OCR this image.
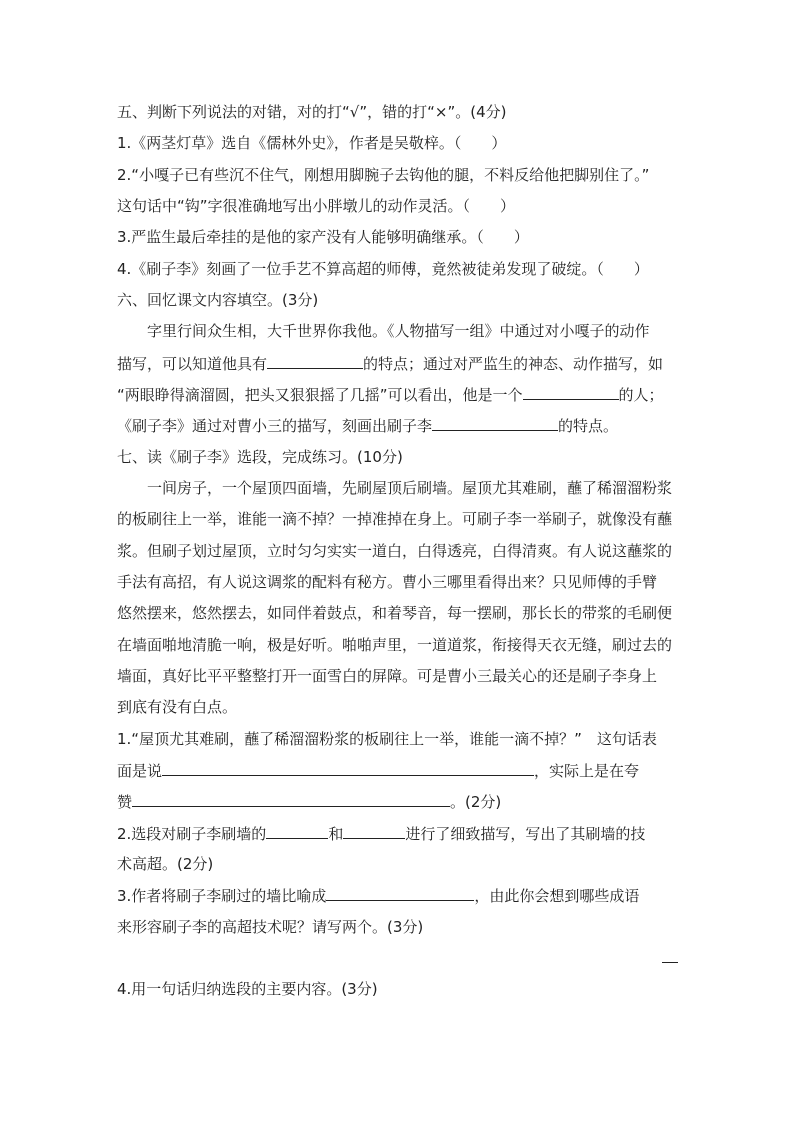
五、判断下列说法的对错，对的打“√”，错的打“×”。(4分)
1.《两茎灯草》选自《儒林外史》，作者是吴敬梓。（　　）
2.“小嘎子已有些沉不住气，刚想用脚腕子去钩他的腿，不料反给他把脚别住了。”
这句话中“钩”字很准确地写出小胖墩儿的动作灵活。（　　）
3.严监生最后牵挂的是他的家产没有人能够明确继承。（　　）
4.《刷子李》刻画了一位手艺不算高超的师傅，竟然被徒弟发现了破绽。（　　）
六、回忆课文内容填空。(3分)
字里行间众生相，大千世界你我他。《人物描写一组》中通过对小嘎子的动作
描写，可以知道他具有	的特点；通过对严监生的神态、动作描写，如
“两眼睁得滴溜圆，把头又狠狠摇了几摇”可以看出，他是一个	的人；
《刷子李》通过对曹小三的描写，刻画出刷子李	的特点。
七、读《刷子李》选段，完成练习。(10分)
一间房子，一个屋顶四面墙，先刷屋顶后刷墙。屋顶尤其难刷，蘸了稀溜溜粉浆
的板刷往上一举，谁能一滴不掉？一掉准掉在身上。可刷子李一举刷子，就像没有蘸
浆。但刷子划过屋顶，立时匀匀实实一道白，白得透亮，白得清爽。有人说这蘸浆的
手法有高招，有人说这调浆的配料有秘方。曹小三哪里看得出来？只见师傅的手臂
悠然摆来，悠然摆去，如同伴着鼓点，和着琴音，每一摆刷，那长长的带浆的毛刷便
在墙面啪地清脆一响，极是好听。啪啪声里，一道道浆，衔接得天衣无缝，刷过去的
墙面，真好比平平整整打开一面雪白的屏障。可是曹小三最关心的还是刷子李身上
到底有没有白点。
1.“屋顶尤其难刷，蘸了稀溜溜粉浆的板刷往上一举，谁能一滴不掉？”　这句话表
面是说	，实际上是在夸
赞	。(2分)
2.选段对刷子李刷墙的	和	进行了细致描写，写出了其刷墙的技
术高超。(2分)
3.作者将刷子李刷过的墙比喻成	，由此你会想到哪些成语
来形容刷子李的高超技术呢？请写两个。(3分)
4.用一句话归纳选段的主要内容。(3分)
